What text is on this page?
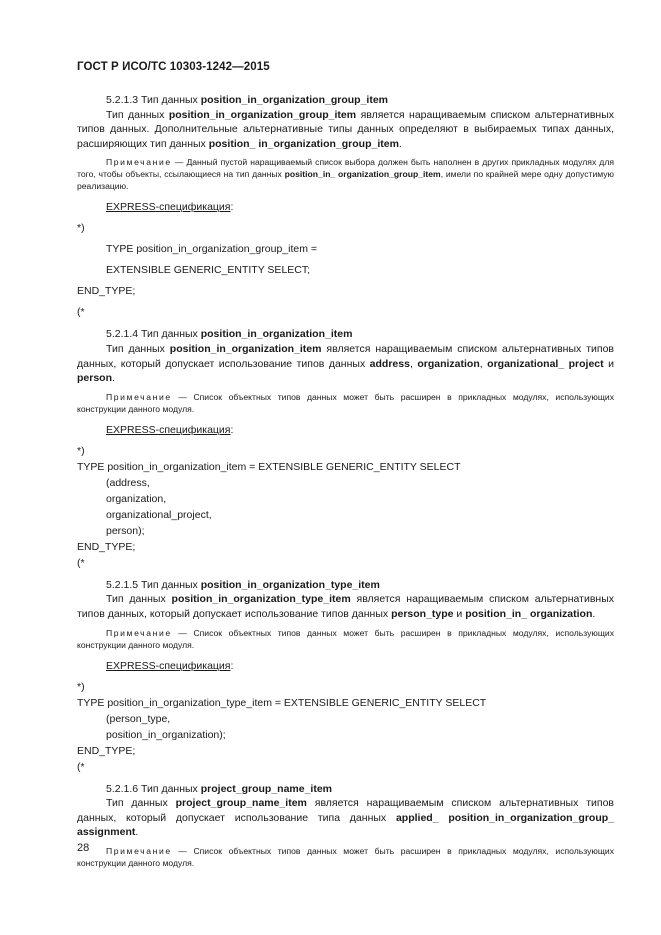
ГОСТ Р ИСО/ТС 10303-1242—2015
5.2.1.3 Тип данных position_in_organization_group_item

Тип данных position_in_organization_group_item является наращиваемым списком альтернативных типов данных. Дополнительные альтернативные типы данных определяют в выбираемых типах данных, расширяющих тип данных position_ in_organization_group_item.

Примечание — Данный пустой наращиваемый список выбора должен быть наполнен в других прикладных модулях для того, чтобы объекты, ссылающиеся на тип данных position_in_ organization_group_item, имели по крайней мере одну допустимую реализацию.

EXPRESS-спецификация:
*)
TYPE position_in_organization_group_item =
EXTENSIBLE GENERIC_ENTITY SELECT;
END_TYPE;
(*
5.2.1.4 Тип данных position_in_organization_item

Тип данных position_in_organization_item является наращиваемым списком альтернативных типов данных, который допускает использование типов данных address, organization, organizational_ project и person.

Примечание — Список объектных типов данных может быть расширен в прикладных модулях, использующих конструкции данного модуля.

EXPRESS-спецификация:
*)
TYPE position_in_organization_item = EXTENSIBLE GENERIC_ENTITY SELECT
(address,
organization,
organizational_project,
person);
END_TYPE;
(*
5.2.1.5 Тип данных position_in_organization_type_item

Тип данных position_in_organization_type_item является наращиваемым списком альтернативных типов данных, который допускает использование типов данных person_type и position_in_ organization.

Примечание — Список объектных типов данных может быть расширен в прикладных модулях, использующих конструкции данного модуля.

EXPRESS-спецификация:
*)
TYPE position_in_organization_type_item = EXTENSIBLE GENERIC_ENTITY SELECT
(person_type,
position_in_organization);
END_TYPE;
(*
5.2.1.6 Тип данных project_group_name_item

Тип данных project_group_name_item является наращиваемым списком альтернативных типов данных, который допускает использование типа данных applied_ position_in_organization_group_ assignment.

Примечание — Список объектных типов данных может быть расширен в прикладных модулях, использующих конструкции данного модуля.

28
